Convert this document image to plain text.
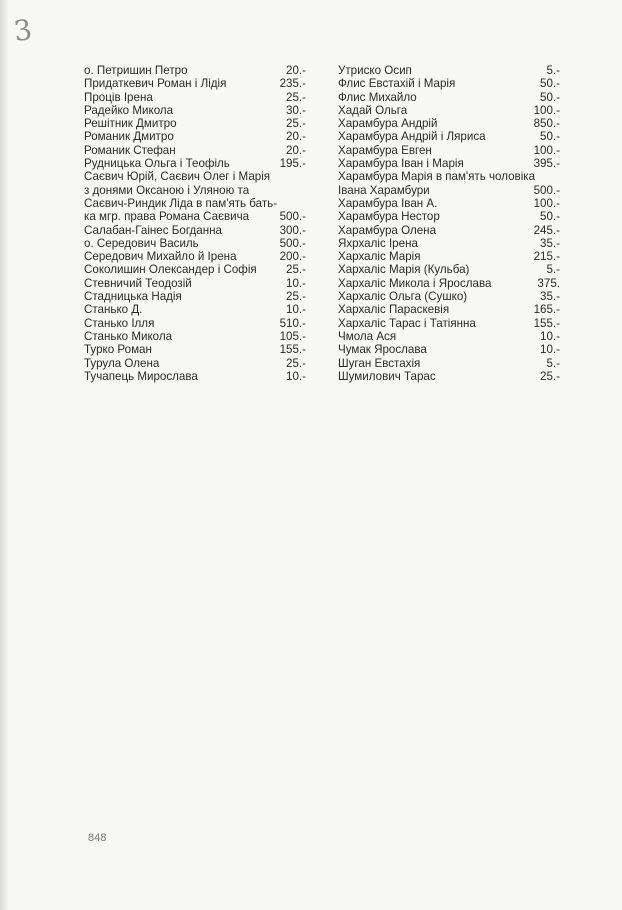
3
о. Петришин Петро	20.-
Придаткевич Роман і Лідія	235.-
Проців Ірена	25.-
Радейко Микола	30.-
Решітник Дмитро	25.-
Романик Дмитро	20.-
Романик Стефан	20.-
Рудницька Ольга і Теофіль	195.-
Саєвич Юрій, Саєвич Олег і Марія
з донями Оксаною і Уляною та
Саєвич-Риндик Ліда в пам'ять бать-
ка мгр. права Романа Саєвича	500.-
Салабан-Гаінес Богданна	300.-
о. Середович Василь	500.-
Середович Михайло й Ірена	200.-
Соколишин Олександер і Софія	25.-
Стевничий Теодозій	10.-
Стадницька Надія	25.-
Станько Д.	10.-
Станько Ілля	510.-
Станько Микола	105.-
Турко Роман	155.-
Турула Олена	25.-
Тучапець Мирослава	10.-
Утриско Осип	5.-
Флис Евстахій і Марія	50.-
Флис Михайло	50.-
Хадай Ольга	100.-
Харамбура Андрій	850.-
Харамбура Андрій і Ляриса	50.-
Харамбура Евген	100.-
Харамбура Іван і Марія	395.-
Харамбура Марія в пам'ять чоловіка
Івана Харамбури	500.-
Харамбура Іван А.	100.-
Харамбура Нестор	50.-
Харамбура Олена	245.-
Яхрхаліс Ірена	35.-
Хархаліс Марія	215.-
Хархаліс Марія (Кульба)	5.-
Хархаліс Микола і Ярослава	375.
Хархаліс Ольга (Сушко)	35.-
Хархаліс Параскевія	165.-
Хархаліс Тарас і Татіянна	155.-
Чмола Ася	10.-
Чумак Ярослава	10.-
Шуган Евстахія	5.-
Шумилович Тарас	25.-
848
